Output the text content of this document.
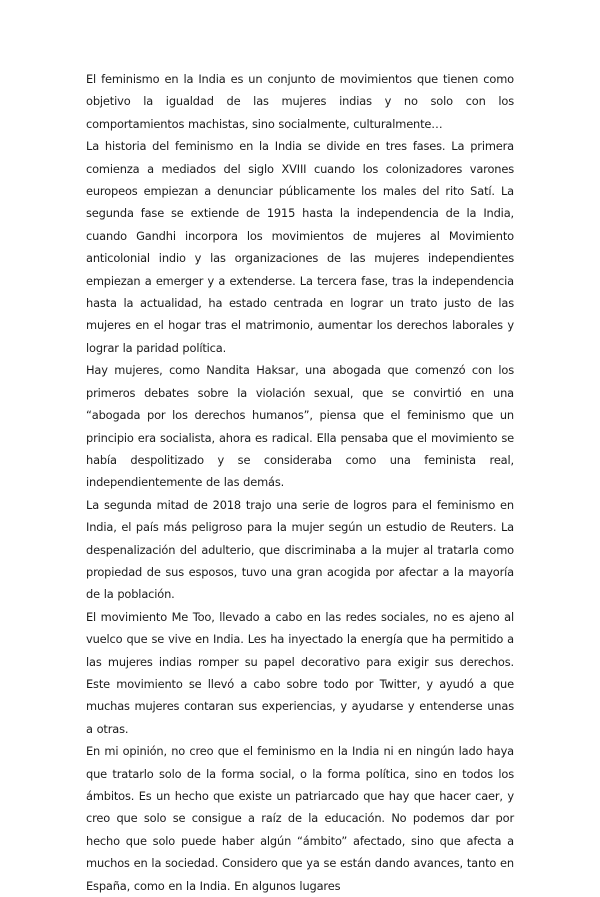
El feminismo en la India es un conjunto de movimientos que tienen como objetivo la igualdad de las mujeres indias y no solo con los comportamientos machistas, sino socialmente, culturalmente…

La historia del feminismo en la India se divide en tres fases. La primera comienza a mediados del siglo XVIII cuando los colonizadores varones europeos empiezan a denunciar públicamente los males del rito Satí. La segunda fase se extiende de 1915 hasta la independencia de la India, cuando Gandhi incorpora los movimientos de mujeres al Movimiento anticolonial indio y las organizaciones de las mujeres independientes empiezan a emerger y a extenderse. La tercera fase, tras la independencia hasta la actualidad, ha estado centrada en lograr un trato justo de las mujeres en el hogar tras el matrimonio, aumentar los derechos laborales y lograr la paridad política.

Hay mujeres, como Nandita Haksar, una abogada que comenzó con los primeros debates sobre la violación sexual, que se convirtió en una “abogada por los derechos humanos”, piensa que el feminismo que un principio era socialista, ahora es radical. Ella pensaba que el movimiento se había despolitizado y se consideraba como una feminista real, independientemente de las demás.

La segunda mitad de 2018 trajo una serie de logros para el feminismo en India, el país más peligroso para la mujer según un estudio de Reuters. La despenalización del adulterio, que discriminaba a la mujer al tratarla como propiedad de sus esposos, tuvo una gran acogida por afectar a la mayoría de la población.

El movimiento Me Too, llevado a cabo en las redes sociales, no es ajeno al vuelco que se vive en India. Les ha inyectado la energía que ha permitido a las mujeres indias romper su papel decorativo para exigir sus derechos. Este movimiento se llevó a cabo sobre todo por Twitter, y ayudó a que muchas mujeres contaran sus experiencias, y ayudarse y entenderse unas a otras.

En mi opinión, no creo que el feminismo en la India ni en ningún lado haya que tratarlo solo de la forma social, o la forma política, sino en todos los ámbitos. Es un hecho que existe un patriarcado que hay que hacer caer, y creo que solo se consigue a raíz de la educación. No podemos dar por hecho que solo puede haber algún “ámbito” afectado, sino que afecta a muchos en la sociedad. Considero que ya se están dando avances, tanto en España, como en la India. En algunos lugares
